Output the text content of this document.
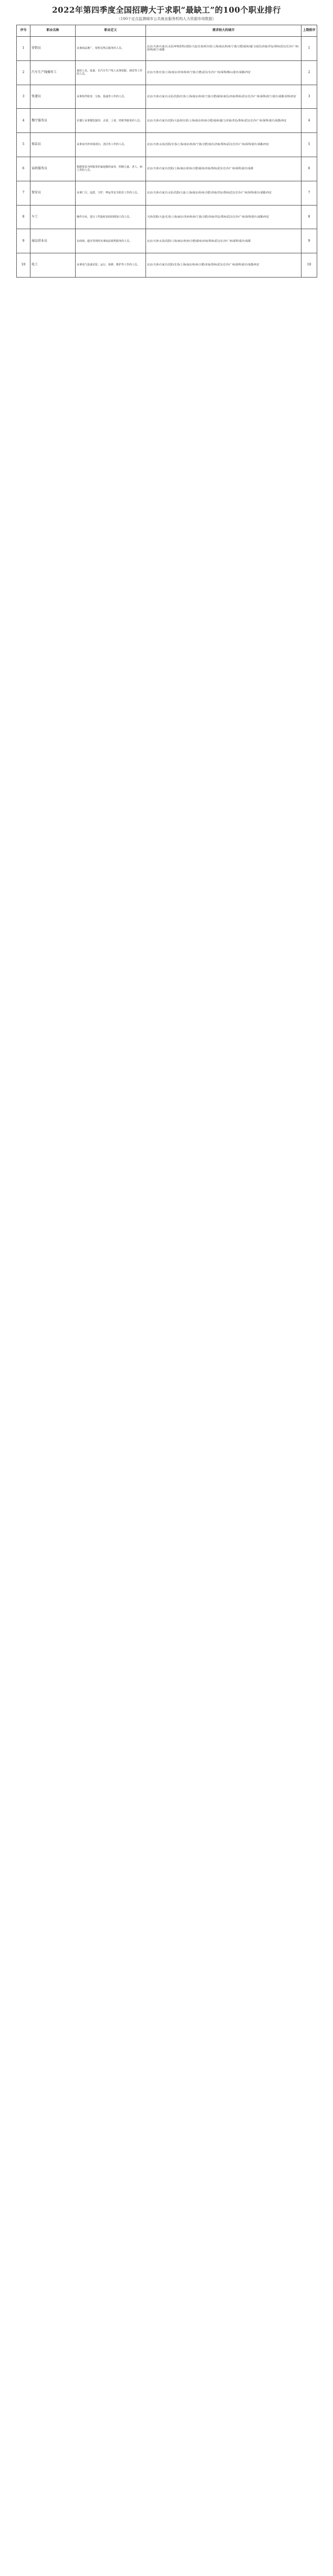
2022年第四季度全国招聘大于求职“最缺工”的100个职业排行
（100个定点监测城市公共就业服务机构人力资源市场数据）
序号	职业名称	职业定义	需求较大的城市	上期排序
1	营销员	从事商品推广、销售及售后服务的人员。	北京/天津/石家庄/太原/呼和浩特/沈阳/大连/长春/哈尔滨/上海/南京/杭州/宁波/合肥/福州/厦门/南昌/济南/青岛/郑州/武汉/长沙/广州/深圳/南宁/成都	1
2	汽车生产线操作工	使用工具、设备，在汽车生产线上从事装配、调试等工作的人员。	北京/天津/长春/上海/南京/苏州/杭州/宁波/合肥/武汉/长沙/广州/深圳/佛山/重庆/成都/西安	2
3	快递员	从事快件收寄、分拣、投递等工作的人员。	北京/天津/石家庄/太原/沈阳/长春/上海/南京/杭州/宁波/合肥/福州/南昌/济南/郑州/武汉/长沙/广州/深圳/南宁/重庆/成都/昆明/西安	3
4	餐厅服务员	在餐厅从事餐饮接待、点菜、上菜、结账等服务的人员。	北京/天津/石家庄/沈阳/大连/哈尔滨/上海/南京/杭州/合肥/福州/厦门/济南/青岛/郑州/武汉/长沙/广州/深圳/重庆/成都/西安	4
5	保洁员	从事室内外环境清扫、清洁等工作的人员。	北京/天津/太原/沈阳/长春/上海/南京/杭州/宁波/合肥/南昌/济南/郑州/武汉/长沙/广州/深圳/重庆/成都/西安	5
6	家政服务员	根据要求为所服务的家庭操持家务，照顾儿童、老人、病人等的人员。	北京/天津/石家庄/沈阳/上海/南京/杭州/合肥/福州/济南/郑州/武汉/长沙/广州/深圳/重庆/成都	6
7	保安员	从事门卫、巡逻、守护、押运等安全防范工作的人员。	北京/天津/石家庄/太原/沈阳/大连/上海/南京/杭州/合肥/济南/青岛/郑州/武汉/长沙/广州/深圳/重庆/成都/西安	7
8	车工	操作车床，进行工件旋转表面切削加工的人员。	天津/沈阳/大连/长春/上海/南京/苏州/杭州/宁波/合肥/济南/青岛/郑州/武汉/长沙/广州/深圳/重庆/成都/西安	8
9	商品营业员	在商场、超市等场所从事商品销售服务的人员。	北京/天津/太原/沈阳/上海/南京/杭州/合肥/福州/济南/郑州/武汉/长沙/广州/深圳/重庆/成都	9
10	电工	从事电气设备安装、运行、检修、维护等工作的人员。	北京/天津/石家庄/沈阳/长春/上海/南京/杭州/合肥/济南/郑州/武汉/长沙/广州/深圳/重庆/成都/西安	10
